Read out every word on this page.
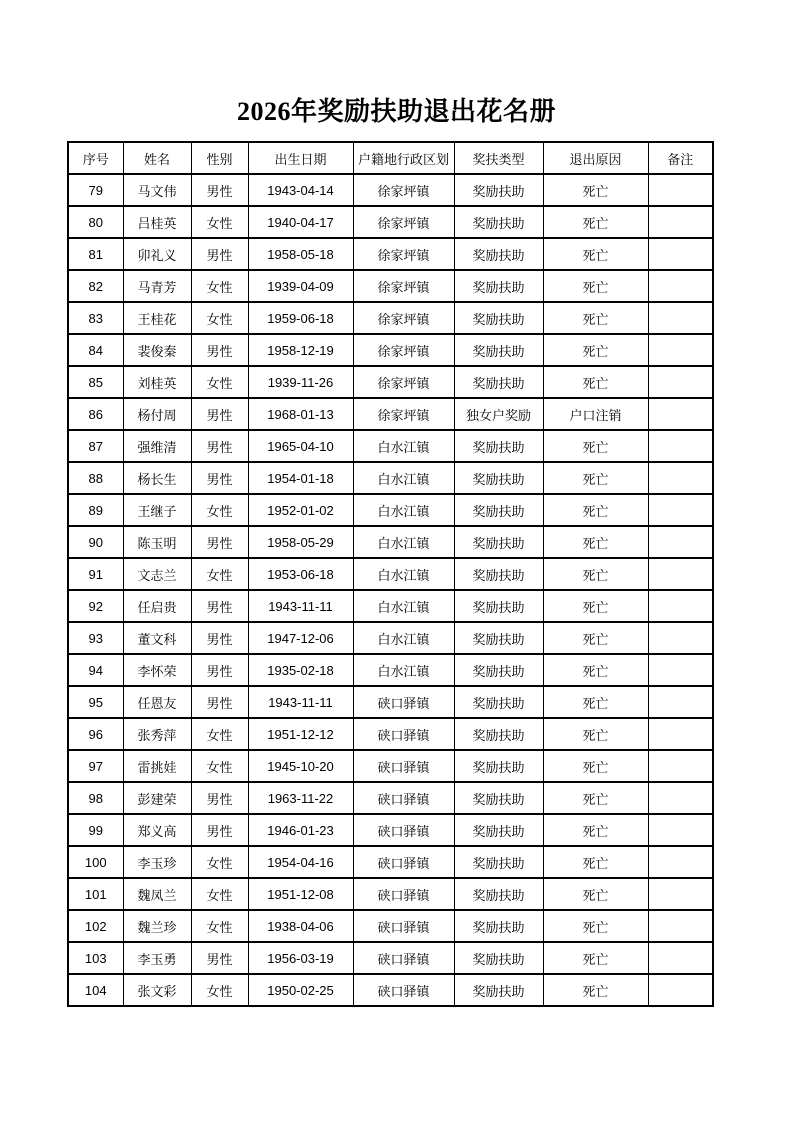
2026年奖励扶助退出花名册
序号	姓名	性别	出生日期	户籍地行政区划	奖扶类型	退出原因	备注
79	马文伟	男性	1943-04-14	徐家坪镇	奖励扶助	死亡	
80	吕桂英	女性	1940-04-17	徐家坪镇	奖励扶助	死亡	
81	卯礼义	男性	1958-05-18	徐家坪镇	奖励扶助	死亡	
82	马青芳	女性	1939-04-09	徐家坪镇	奖励扶助	死亡	
83	王桂花	女性	1959-06-18	徐家坪镇	奖励扶助	死亡	
84	裴俊秦	男性	1958-12-19	徐家坪镇	奖励扶助	死亡	
85	刘桂英	女性	1939-11-26	徐家坪镇	奖励扶助	死亡	
86	杨付周	男性	1968-01-13	徐家坪镇	独女户奖励	户口注销	
87	强维清	男性	1965-04-10	白水江镇	奖励扶助	死亡	
88	杨长生	男性	1954-01-18	白水江镇	奖励扶助	死亡	
89	王继子	女性	1952-01-02	白水江镇	奖励扶助	死亡	
90	陈玉明	男性	1958-05-29	白水江镇	奖励扶助	死亡	
91	文志兰	女性	1953-06-18	白水江镇	奖励扶助	死亡	
92	任启贵	男性	1943-11-11	白水江镇	奖励扶助	死亡	
93	董文科	男性	1947-12-06	白水江镇	奖励扶助	死亡	
94	李怀荣	男性	1935-02-18	白水江镇	奖励扶助	死亡	
95	任恩友	男性	1943-11-11	硖口驿镇	奖励扶助	死亡	
96	张秀萍	女性	1951-12-12	硖口驿镇	奖励扶助	死亡	
97	雷挑娃	女性	1945-10-20	硖口驿镇	奖励扶助	死亡	
98	彭建荣	男性	1963-11-22	硖口驿镇	奖励扶助	死亡	
99	郑义高	男性	1946-01-23	硖口驿镇	奖励扶助	死亡	
100	李玉珍	女性	1954-04-16	硖口驿镇	奖励扶助	死亡	
101	魏凤兰	女性	1951-12-08	硖口驿镇	奖励扶助	死亡	
102	魏兰珍	女性	1938-04-06	硖口驿镇	奖励扶助	死亡	
103	李玉勇	男性	1956-03-19	硖口驿镇	奖励扶助	死亡	
104	张文彩	女性	1950-02-25	硖口驿镇	奖励扶助	死亡	
